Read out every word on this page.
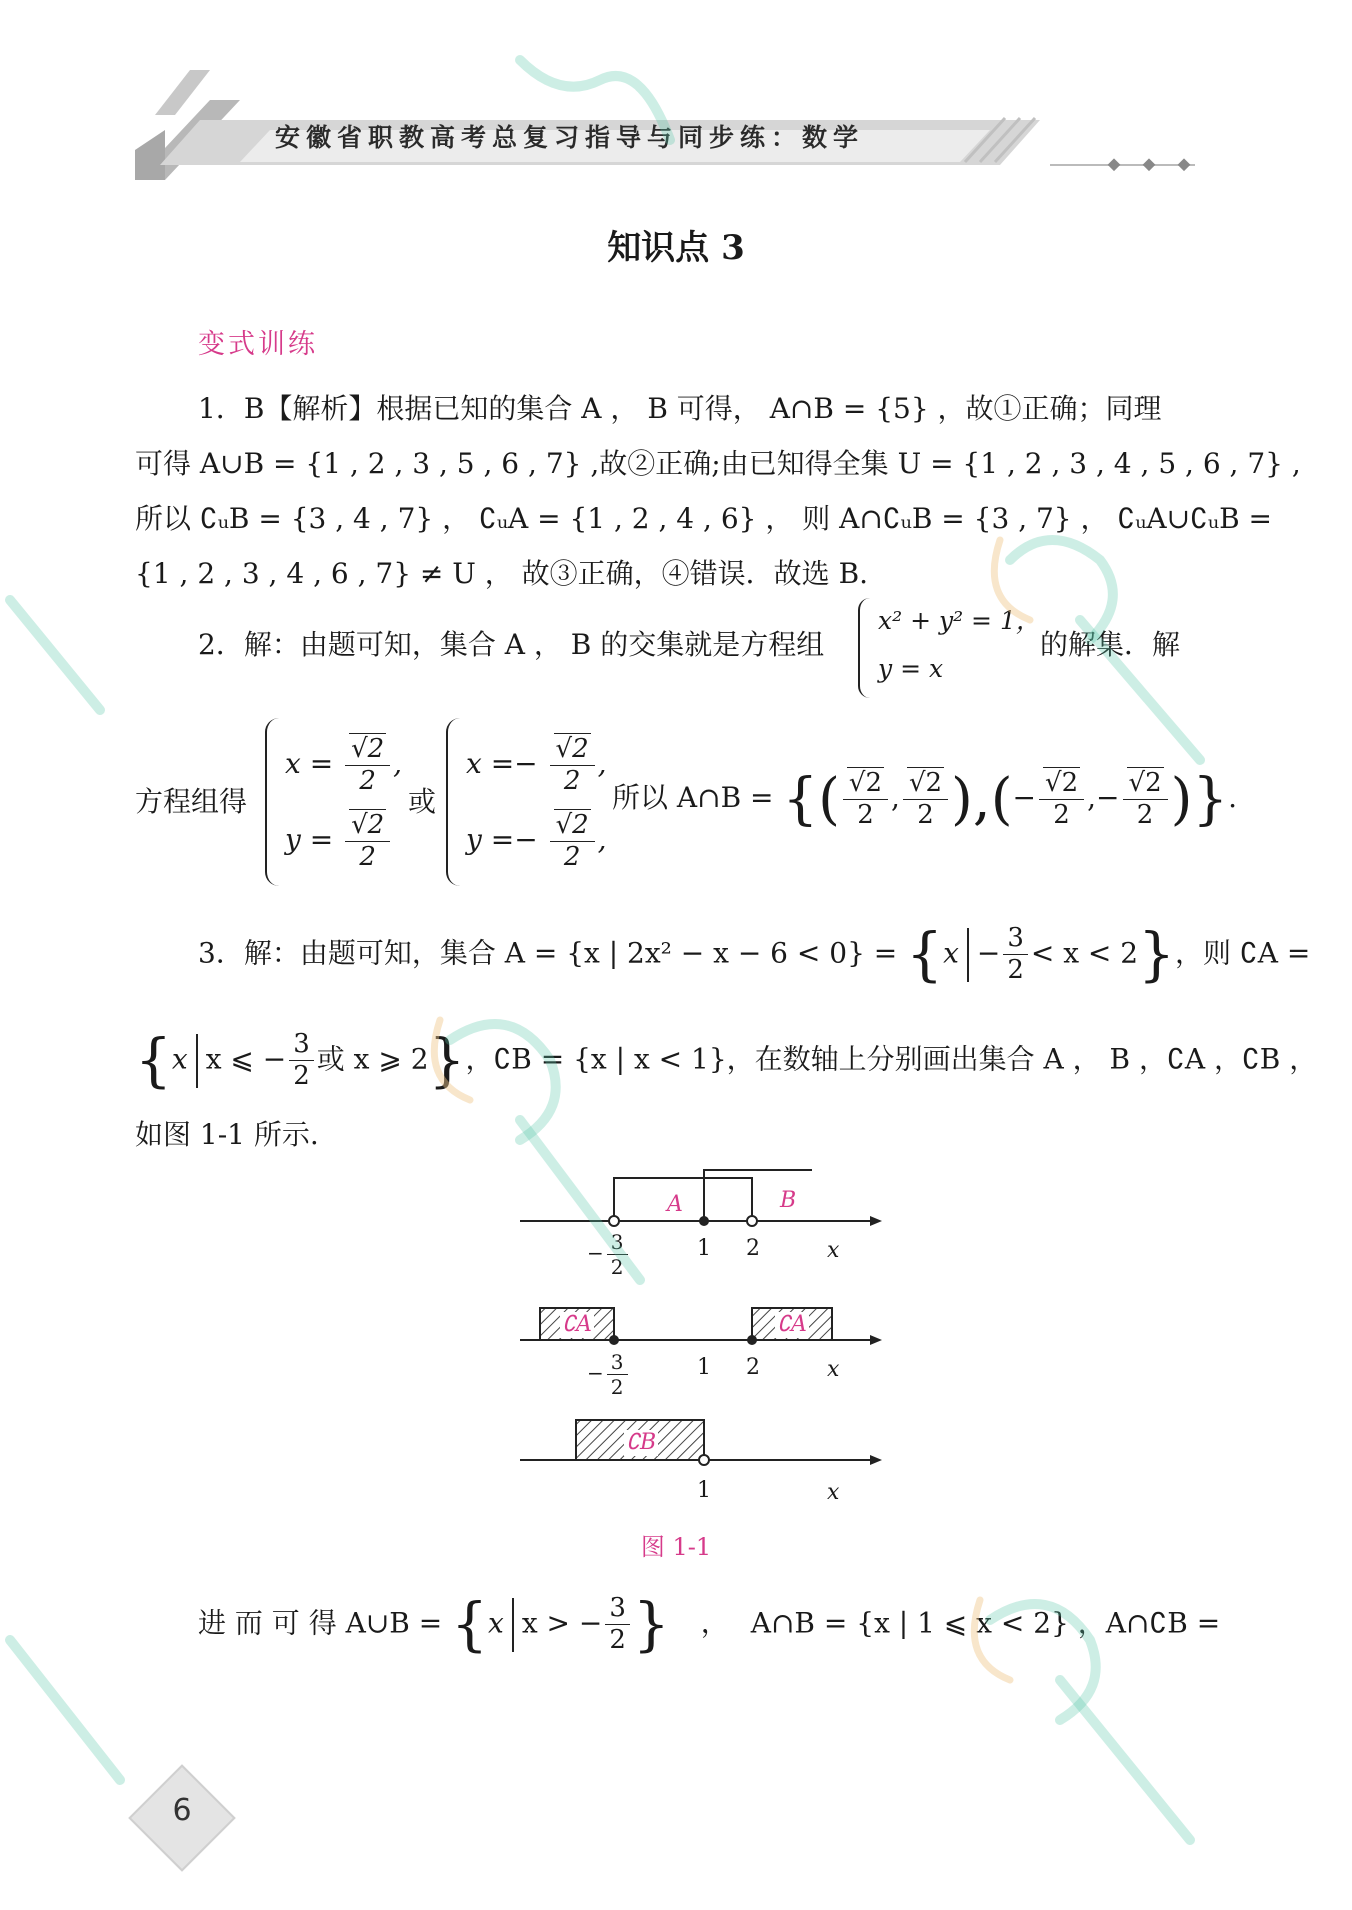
安徽省职教高考总复习指导与同步练：数学
知识点 3
变式训练
1．B【解析】根据已知的集合 A ， B 可得， A∩B = {5} ，故①正确；同理
可得 A∪B = {1 , 2 , 3 , 5 , 6 , 7} ,故②正确;由已知得全集 U = {1 , 2 , 3 , 4 , 5 , 6 , 7} ,
所以 ∁ᵤB = {3 , 4 , 7} ， ∁ᵤA = {1 , 2 , 4 , 6} ， 则 A∩∁ᵤB = {3 , 7} ， ∁ᵤA∪∁ᵤB =
{1 , 2 , 3 , 4 , 6 , 7} ≠ U ， 故③正确，④错误．故选 B.
2．解：由题可知，集合 A ， B 的交集就是方程组
x² + y² = 1，
y = x
的解集．解
方程组得
$x = \frac{√2}{2}$ ,
$y = \frac{√2}{2}$
或
$x =- \frac{√2}{2}$ ,
$y =- \frac{√2}{2}$ ,
所以 A∩B = {( $\frac{√2}{2}$ , $\frac{√2}{2}$ ),(− $\frac{√2}{2}$ ,− $\frac{√2}{2}$ )}.
3．解：由题可知，集合 A = {x | $2x^2 - x - 6 < 0\} = \{x - \frac{3}{2} < x < 2\}$，则 ∁A =
{x x ⩽ − $\frac{3}{2}$ 或 x ⩾ 2}，∁B = {x | x < 1}，在数轴上分别画出集合 A ， B ，∁A ，∁B ，
如图 1-1 所示.
A	B
1 2	x
− $\frac{3}{2}$
∁A	∁A
1 2	x
− $\frac{3}{2}$
∁B
1	x
图 1-1
进 而 可 得 A∪B = {x x > − $\frac{3}{2}$ } ， A∩B = {x | 1 ⩽ x < 2} ，A∩∁B =
6
